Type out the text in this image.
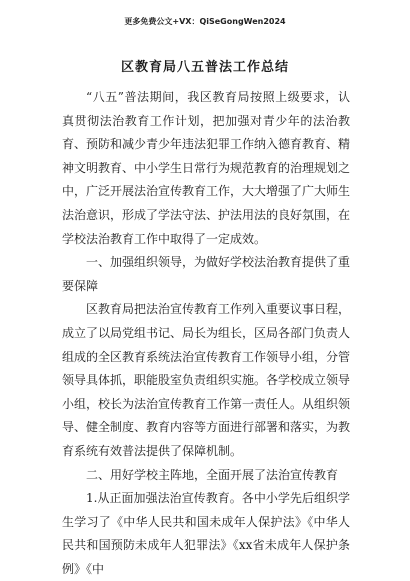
更多免费公文+VX：QiSeGongWen2024
区教育局八五普法工作总结

“八五”普法期间，我区教育局按照上级要求，认真贯彻法治教育工作计划，把加强对青少年的法治教育、预防和减少青少年违法犯罪工作纳入德育教育、精神文明教育、中小学生日常行为规范教育的治理规划之中，广泛开展法治宣传教育工作，大大增强了广大师生法治意识，形成了学法守法、护法用法的良好氛围，在学校法治教育工作中取得了一定成效。

一、加强组织领导，为做好学校法治教育提供了重要保障

区教育局把法治宣传教育工作列入重要议事日程，成立了以局党组书记、局长为组长，区局各部门负责人组成的全区教育系统法治宣传教育工作领导小组，分管领导具体抓，职能股室负责组织实施。各学校成立领导小组，校长为法治宣传教育工作第一责任人。从组织领导、健全制度、教育内容等方面进行部署和落实，为教育系统有效普法提供了保障机制。

二、用好学校主阵地，全面开展了法治宣传教育

1.从正面加强法治宣传教育。各中小学先后组织学生学习了《中华人民共和国未成年人保护法》《中华人民共和国预防未成年人犯罪法》《xx省未成年人保护条例》《中
